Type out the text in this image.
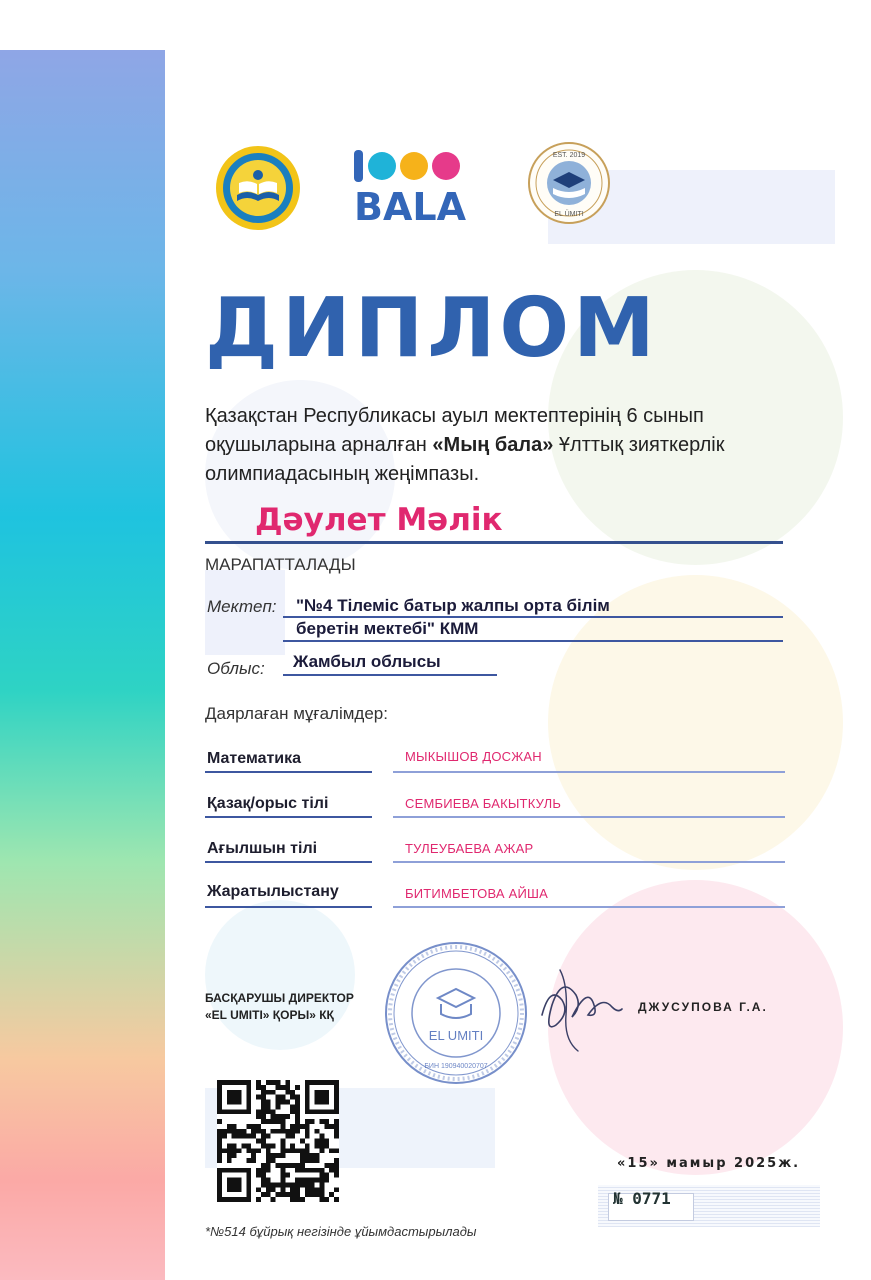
BALA
EST. 2019
EL ÜMITI
ДИПЛОМ
Қазақстан Республикасы ауыл мектептерінің 6 сынып
оқушыларына арналған «Мың бала» Ұлттық зияткерлік
олимпиадасының жеңімпазы.
Дәулет Мәлік
МАРАПАТТАЛАДЫ
Мектеп: "№4 Тілеміс батыр жалпы орта білім
беретін мектебі" КММ
Облыс: Жамбыл облысы
Даярлаған мұғалімдер:
Математика	МЫКЫШОВ ДОСЖАН
Қазақ/орыс тілі	СЕМБИЕВА БАКЫТКУЛЬ
Ағылшын тілі	ТУЛЕУБАЕВА АЖАР
Жаратылыстану	БИТИМБЕТОВА АЙША
БАСҚАРУШЫ ДИРЕКТОР
«EL UMITI» ҚОРЫ» КҚ
EL UMITI
БИН 190940020707
ДЖУСУПОВА Г.А.
«15» мамыр 2025ж.
№ 0771
*№514 бұйрық негізінде ұйымдастырылады
